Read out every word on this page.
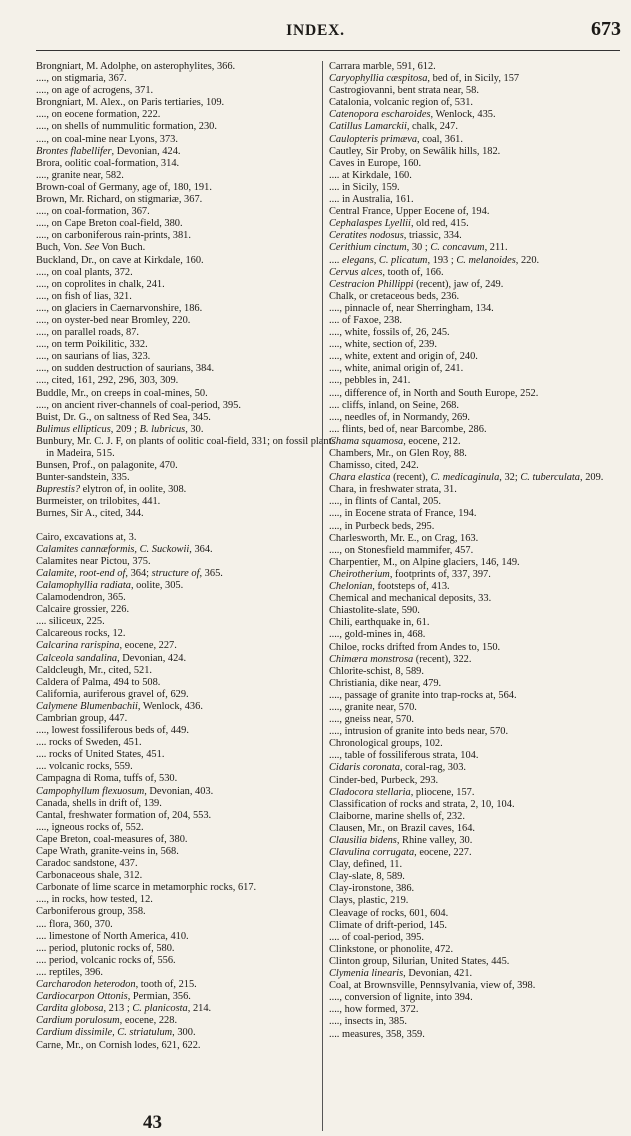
INDEX.	673

Brongniart, M. Adolphe, on asterophylites, 366.

...., on stigmaria, 367.

...., on age of acrogens, 371.

Brongniart, M. Alex., on Paris tertiaries, 109.

...., on eocene formation, 222.

...., on shells of nummulitic formation, 230.

...., on coal-mine near Lyons, 373.

Brontes flabellifer, Devonian, 424.

Brora, oolitic coal-formation, 314.

...., granite near, 582.

Brown-coal of Germany, age of, 180, 191.

Brown, Mr. Richard, on stigmariæ, 367.

...., on coal-formation, 367.

...., on Cape Breton coal-field, 380.

...., on carboniferous rain-prints, 381.

Buch, Von. See Von Buch.

Buckland, Dr., on cave at Kirkdale, 160.

...., on coal plants, 372.

...., on coprolites in chalk, 241.

...., on fish of lias, 321.

...., on glaciers in Caernarvonshire, 186.

...., on oyster-bed near Bromley, 220.

...., on parallel roads, 87.

...., on term Poikilitic, 332.

...., on saurians of lias, 323.

...., on sudden destruction of saurians, 384.

...., cited, 161, 292, 296, 303, 309.

Buddle, Mr., on creeps in coal-mines, 50.

...., on ancient river-channels of coal-period, 395.

Buist, Dr. G., on saltness of Red Sea, 345.

Bulimus ellipticus, 209 ; B. lubricus, 30.

Bunbury, Mr. C. J. F, on plants of oolitic coal-field, 331; on fossil plants in Madeira, 515.

Bunsen, Prof., on palagonite, 470.

Bunter-sandstein, 335.

Buprestis? elytron of, in oolite, 308.

Burmeister, on trilobites, 441.

Burnes, Sir A., cited, 344.

Cairo, excavations at, 3.

Calamites cannæformis, C. Suckowii, 364.

Calamites near Pictou, 375.

Calamite, root-end of, 364; structure of, 365.

Calamophyllia radiata, oolite, 305.

Calamodendron, 365.

Calcaire grossier, 226.

.... siliceux, 225.

Calcareous rocks, 12.

Calcarina rarispina, eocene, 227.

Calceola sandalina, Devonian, 424.

Caldcleugh, Mr., cited, 521.

Caldera of Palma, 494 to 508.

California, auriferous gravel of, 629.

Calymene Blumenbachii, Wenlock, 436.

Cambrian group, 447.

...., lowest fossiliferous beds of, 449.

.... rocks of Sweden, 451.

.... rocks of United States, 451.

.... volcanic rocks, 559.

Campagna di Roma, tuffs of, 530.

Campophyllum flexuosum, Devonian, 403.

Canada, shells in drift of, 139.

Cantal, freshwater formation of, 204, 553.

...., igneous rocks of, 552.

Cape Breton, coal-measures of, 380.

Cape Wrath, granite-veins in, 568.

Caradoc sandstone, 437.

Carbonaceous shale, 312.

Carbonate of lime scarce in metamorphic rocks, 617.

...., in rocks, how tested, 12.

Carboniferous group, 358.

.... flora, 360, 370.

.... limestone of North America, 410.

.... period, plutonic rocks of, 580.

.... period, volcanic rocks of, 556.

.... reptiles, 396.

Carcharodon heterodon, tooth of, 215.

Cardiocarpon Ottonis, Permian, 356.

Cardita globosa, 213 ; C. planicosta, 214.

Cardium porulosum, eocene, 228.

Cardium dissimile, C. striatulum, 300.

Carne, Mr., on Cornish lodes, 621, 622.

Carrara marble, 591, 612.

Caryophyllia cæspitosa, bed of, in Sicily, 157

Castrogiovanni, bent strata near, 58.

Catalonia, volcanic region of, 531.

Catenopora escharoides, Wenlock, 435.

Catillus Lamarckii, chalk, 247.

Caulopteris primæva, coal, 361.

Cautley, Sir Proby, on Sewâlik hills, 182.

Caves in Europe, 160.

.... at Kirkdale, 160.

.... in Sicily, 159.

.... in Australia, 161.

Central France, Upper Eocene of, 194.

Cephalaspes Lyellii, old red, 415.

Ceratites nodosus, triassic, 334.

Cerithium cinctum, 30 ; C. concavum, 211.

.... elegans, C. plicatum, 193 ; C. melanoides, 220.

Cervus alces, tooth of, 166.

Cestracion Phillippi (recent), jaw of, 249.

Chalk, or cretaceous beds, 236.

...., pinnacle of, near Sherringham, 134.

.... of Faxoe, 238.

...., white, fossils of, 26, 245.

...., white, section of, 239.

...., white, extent and origin of, 240.

...., white, animal origin of, 241.

...., pebbles in, 241.

...., difference of, in North and South Europe, 252.

.... cliffs, inland, on Seine, 268.

...., needles of, in Normandy, 269.

.... flints, bed of, near Barcombe, 286.

Chama squamosa, eocene, 212.

Chambers, Mr., on Glen Roy, 88.

Chamisso, cited, 242.

Chara elastica (recent), C. medicaginula, 32; C. tuberculata, 209.

Chara, in freshwater strata, 31.

...., in flints of Cantal, 205.

...., in Eocene strata of France, 194.

...., in Purbeck beds, 295.

Charlesworth, Mr. E., on Crag, 163.

...., on Stonesfield mammifer, 457.

Charpentier, M., on Alpine glaciers, 146, 149.

Cheirotherium, footprints of, 337, 397.

Chelonian, footsteps of, 413.

Chemical and mechanical deposits, 33.

Chiastolite-slate, 590.

Chili, earthquake in, 61.

...., gold-mines in, 468.

Chiloe, rocks drifted from Andes to, 150.

Chimæra monstrosa (recent), 322.

Chlorite-schist, 8, 589.

Christiania, dike near, 479.

...., passage of granite into trap-rocks at, 564.

...., granite near, 570.

...., gneiss near, 570.

...., intrusion of granite into beds near, 570.

Chronological groups, 102.

...., table of fossiliferous strata, 104.

Cidaris coronata, coral-rag, 303.

Cinder-bed, Purbeck, 293.

Cladocora stellaria, pliocene, 157.

Classification of rocks and strata, 2, 10, 104.

Claiborne, marine shells of, 232.

Clausen, Mr., on Brazil caves, 164.

Clausilia bidens, Rhine valley, 30.

Clavulina corrugata, eocene, 227.

Clay, defined, 11.

Clay-slate, 8, 589.

Clay-ironstone, 386.

Clays, plastic, 219.

Cleavage of rocks, 601, 604.

Climate of drift-period, 145.

.... of coal-period, 395.

Clinkstone, or phonolite, 472.

Clinton group, Silurian, United States, 445.

Clymenia linearis, Devonian, 421.

Coal, at Brownsville, Pennsylvania, view of, 398.

...., conversion of lignite, into 394.

...., how formed, 372.

...., insects in, 385.

.... measures, 358, 359.

43
